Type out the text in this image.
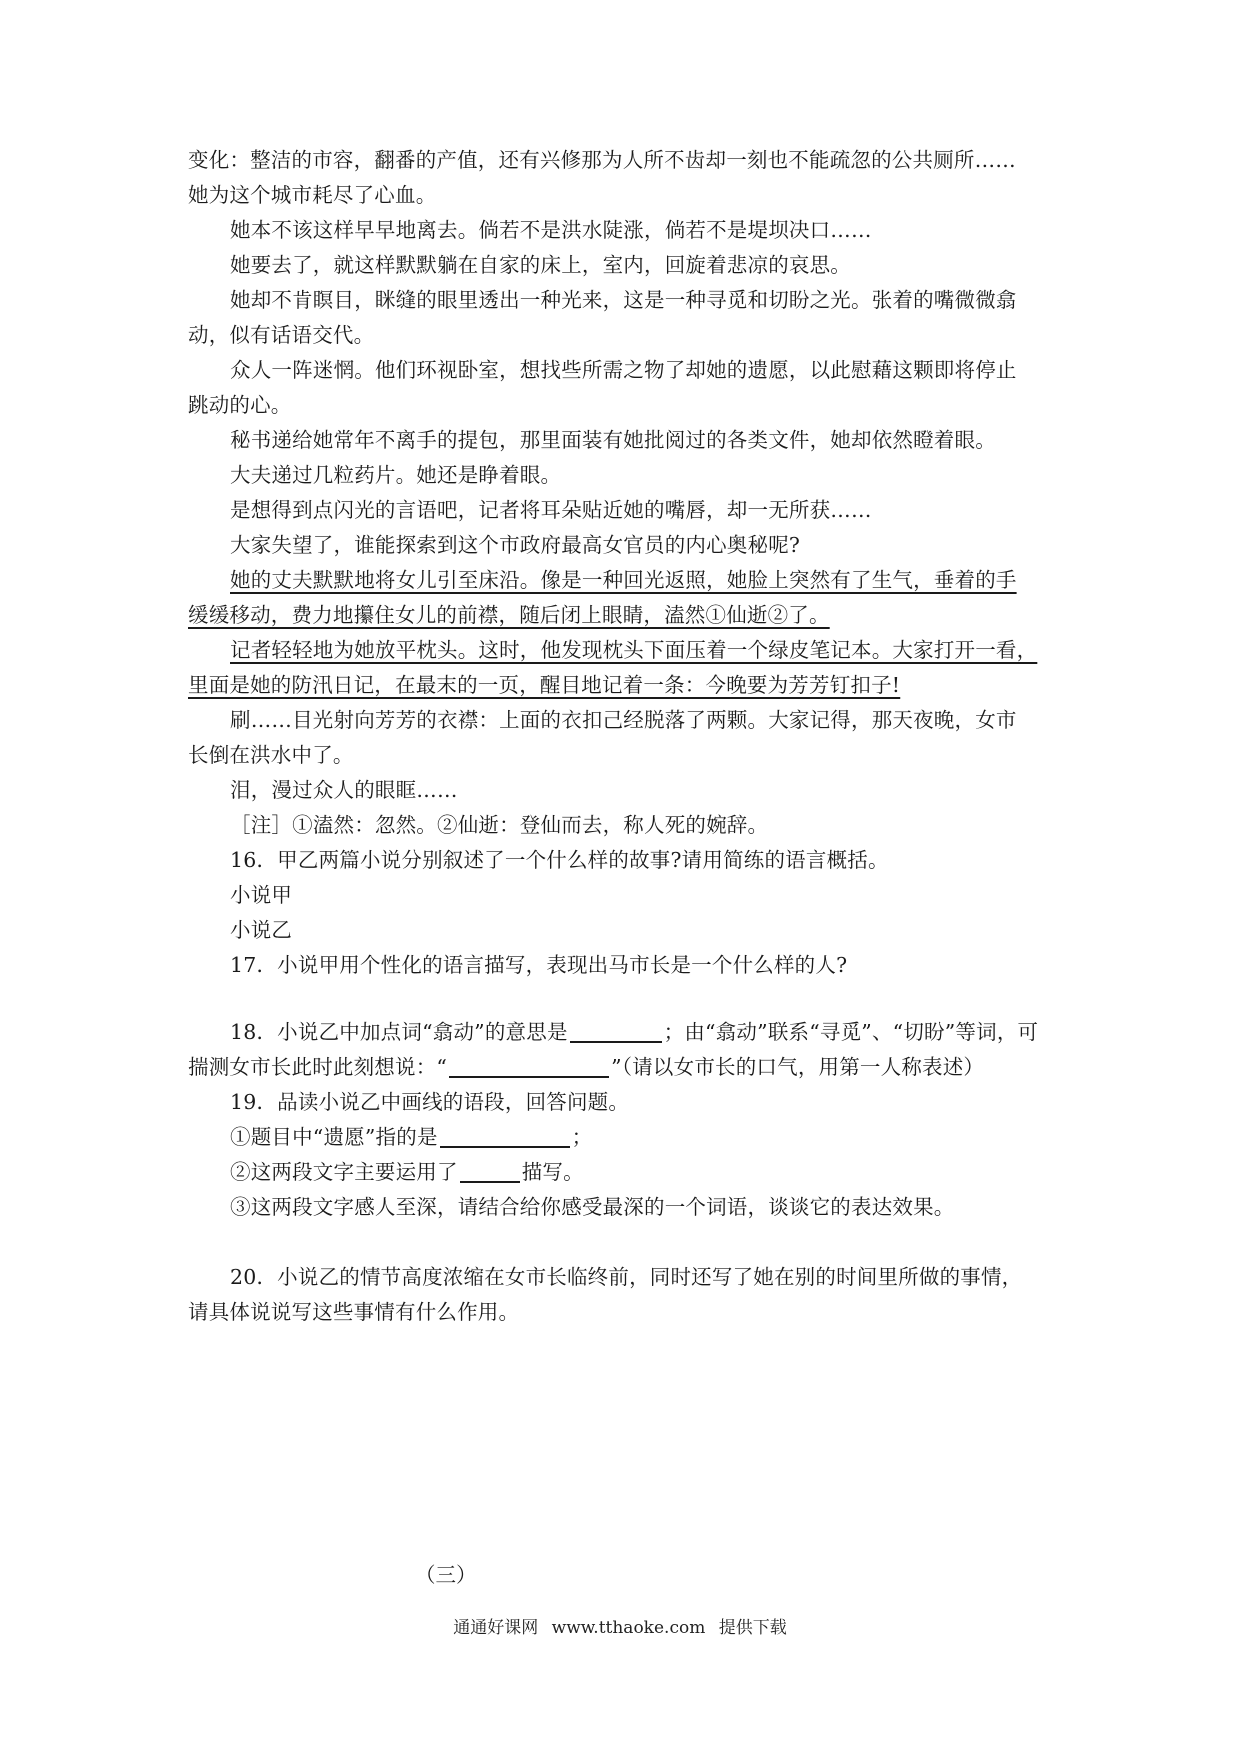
变化：整洁的市容，翻番的产值，还有兴修那为人所不齿却一刻也不能疏忽的公共厕所……
她为这个城市耗尽了心血。
她本不该这样早早地离去。倘若不是洪水陡涨，倘若不是堤坝决口……
她要去了，就这样默默躺在自家的床上，室内，回旋着悲凉的哀思。
她却不肯瞑目，眯缝的眼里透出一种光来，这是一种寻觅和切盼之光。张着的嘴微微翕
动，似有话语交代。
众人一阵迷惘。他们环视卧室，想找些所需之物了却她的遗愿，以此慰藉这颗即将停止
跳动的心。
秘书递给她常年不离手的提包，那里面装有她批阅过的各类文件，她却依然瞪着眼。
大夫递过几粒药片。她还是睁着眼。
是想得到点闪光的言语吧，记者将耳朵贴近她的嘴唇，却一无所获……
大家失望了，谁能探索到这个市政府最高女官员的内心奥秘呢?
她的丈夫默默地将女儿引至床沿。像是一种回光返照，她脸上突然有了生气，垂着的手
缓缓移动，费力地攥住女儿的前襟，随后闭上眼睛，溘然①仙逝②了。
记者轻轻地为她放平枕头。这时，他发现枕头下面压着一个绿皮笔记本。大家打开一看，
里面是她的防汛日记，在最末的一页，醒目地记着一条：今晚要为芳芳钉扣子!
刷……目光射向芳芳的衣襟：上面的衣扣己经脱落了两颗。大家记得，那天夜晚，女市
长倒在洪水中了。
泪，漫过众人的眼眶……
［注］①溘然：忽然。②仙逝：登仙而去，称人死的婉辞。
16．甲乙两篇小说分别叙述了一个什么样的故事?请用简练的语言概括。
小说甲
小说乙
17．小说甲用个性化的语言描写，表现出马市长是一个什么样的人?
18．小说乙中加点词“翕动”的意思是	；由“翕动”联系“寻觅”、“切盼”等词，可
揣测女市长此时此刻想说：“	”（请以女市长的口气，用第一人称表述）
19．品读小说乙中画线的语段，回答问题。
①题目中“遗愿”指的是	；
②这两段文字主要运用了	描写。
③这两段文字感人至深，请结合给你感受最深的一个词语，谈谈它的表达效果。
20．小说乙的情节高度浓缩在女市长临终前，同时还写了她在别的时间里所做的事情，
请具体说说写这些事情有什么作用。
（三）
通通好课网 www.tthaoke.com 提供下载
